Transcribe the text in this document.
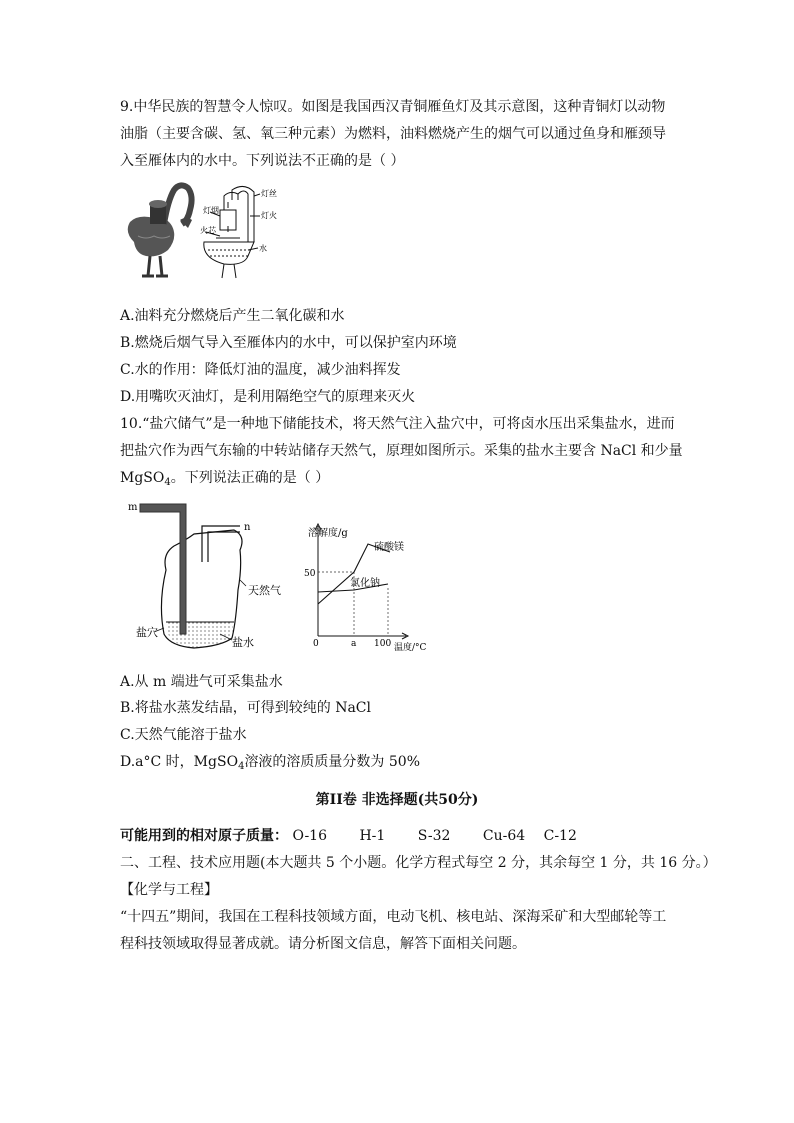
9.中华民族的智慧令人惊叹。如图是我国西汉青铜雁鱼灯及其示意图，这种青铜灯以动物
油脂（主要含碳、氢、氧三种元素）为燃料，油料燃烧产生的烟气可以通过鱼身和雁颈导
入至雁体内的水中。下列说法不正确的是（ ）
灯丝
灯烟
灯火
火芯
水
A.油料充分燃烧后产生二氧化碳和水
B.燃烧后烟气导入至雁体内的水中，可以保护室内环境
C.水的作用：降低灯油的温度，减少油料挥发
D.用嘴吹灭油灯，是利用隔绝空气的原理来灭火
10.“盐穴储气”是一种地下储能技术，将天然气注入盐穴中，可将卤水压出采集盐水，进而
把盐穴作为西气东输的中转站储存天然气，原理如图所示。采集的盐水主要含 NaCl 和少量
MgSO$_4$。下列说法正确的是（ ）
m
n
天然气
盐穴
盐水
溶解度/g
50
0	a 100 温度/°C
硫酸镁
氯化钠
A.从 m 端进气可采集盐水
B.将盐水蒸发结晶，可得到较纯的 NaCl
C.天然气能溶于盐水
D.a°C 时，MgSO$_4$溶液的溶质质量分数为 50%
第II卷 非选择题(共50分)
可能用到的相对原子质量： O-16 H-1 S-32 Cu-64 C-12
二、工程、技术应用题(本大题共 5 个小题。化学方程式每空 2 分，其余每空 1 分，共 16 分。）
【化学与工程】
“十四五”期间，我国在工程科技领域方面，电动飞机、核电站、深海采矿和大型邮轮等工
程科技领域取得显著成就。请分析图文信息，解答下面相关问题。
